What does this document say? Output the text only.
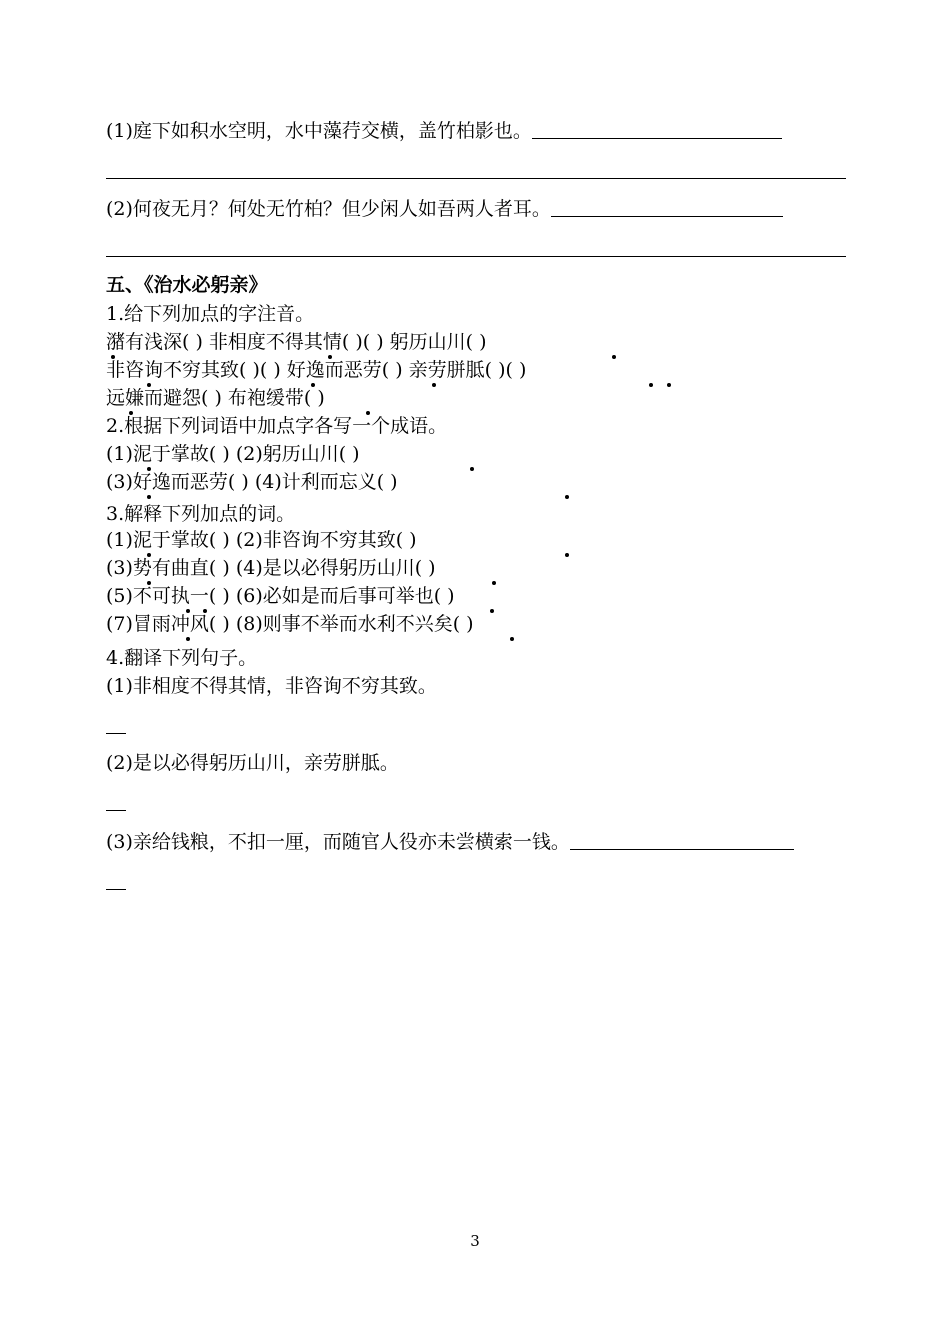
(1)庭下如积水空明，水中藻荇交横，盖竹柏影也。
(2)何夜无月？何处无竹柏？但少闲人如吾两人者耳。
五、《治水必躬亲》
1.给下列加点的字注音。
潴有浅深( ) 非相度不得其情( )( ) 躬历山川( )
非咨询不穷其致( )( ) 好逸而恶劳( ) 亲劳胼胝( )( )
远嫌而避怨( ) 布袍缓带( )
2.根据下列词语中加点字各写一个成语。
(1)泥于掌故( ) (2)躬历山川( )
(3)好逸而恶劳( ) (4)计利而忘义( )
3.解释下列加点的词。
(1)泥于掌故( ) (2)非咨询不穷其致( )
(3)势有曲直( ) (4)是以必得躬历山川( )
(5)不可执一( ) (6)必如是而后事可举也( )
(7)冒雨冲风( ) (8)则事不举而水利不兴矣( )
4.翻译下列句子。
(1)非相度不得其情，非咨询不穷其致。
(2)是以必得躬历山川，亲劳胼胝。
(3)亲给钱粮，不扣一厘，而随官人役亦未尝横索一钱。
3
